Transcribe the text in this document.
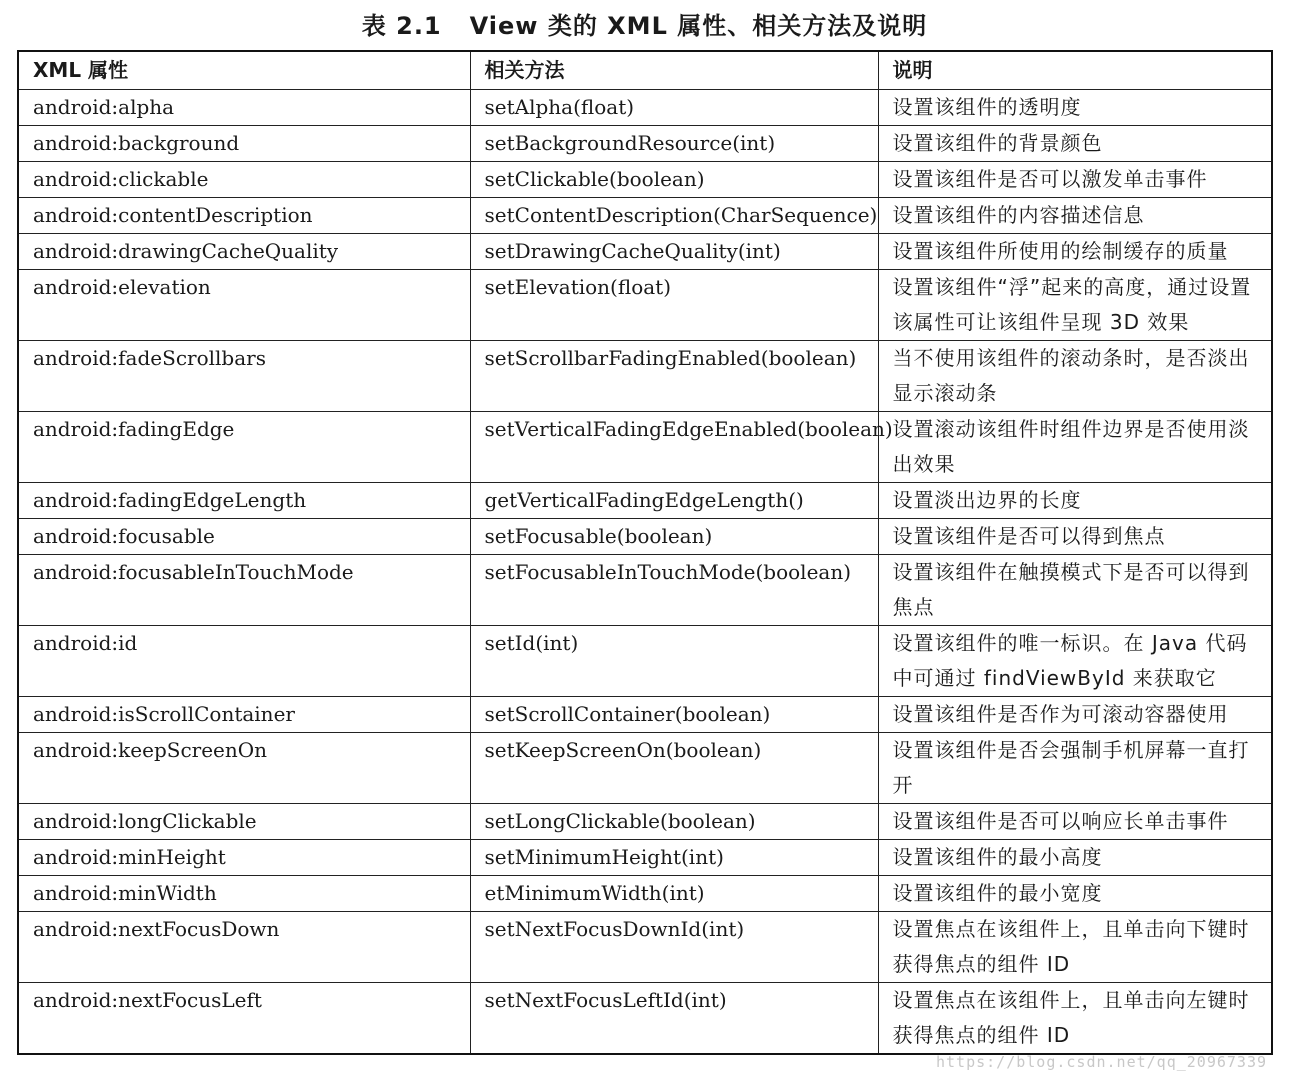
表 2.1 View 类的 XML 属性、相关方法及说明
XML 属性	相关方法	说明
android:alpha	setAlpha(float)	设置该组件的透明度
android:background	setBackgroundResource(int)	设置该组件的背景颜色
android:clickable	setClickable(boolean)	设置该组件是否可以激发单击事件
android:contentDescription	setContentDescription(CharSequence)	设置该组件的内容描述信息
android:drawingCacheQuality	setDrawingCacheQuality(int)	设置该组件所使用的绘制缓存的质量
android:elevation	setElevation(float)	设置该组件“浮”起来的高度，通过设置该属性可让该组件呈现 3D 效果
android:fadeScrollbars	setScrollbarFadingEnabled(boolean)	当不使用该组件的滚动条时，是否淡出显示滚动条
android:fadingEdge	setVerticalFadingEdgeEnabled(boolean)	设置滚动该组件时组件边界是否使用淡出效果
android:fadingEdgeLength	getVerticalFadingEdgeLength()	设置淡出边界的长度
android:focusable	setFocusable(boolean)	设置该组件是否可以得到焦点
android:focusableInTouchMode	setFocusableInTouchMode(boolean)	设置该组件在触摸模式下是否可以得到焦点
android:id	setId(int)	设置该组件的唯一标识。在 Java 代码中可通过 findViewById 来获取它
android:isScrollContainer	setScrollContainer(boolean)	设置该组件是否作为可滚动容器使用
android:keepScreenOn	setKeepScreenOn(boolean)	设置该组件是否会强制手机屏幕一直打开
android:longClickable	setLongClickable(boolean)	设置该组件是否可以响应长单击事件
android:minHeight	setMinimumHeight(int)	设置该组件的最小高度
android:minWidth	etMinimumWidth(int)	设置该组件的最小宽度
android:nextFocusDown	setNextFocusDownId(int)	设置焦点在该组件上，且单击向下键时获得焦点的组件 ID
android:nextFocusLeft	setNextFocusLeftId(int)	设置焦点在该组件上，且单击向左键时获得焦点的组件 ID
https://blog.csdn.net/qq_20967339
